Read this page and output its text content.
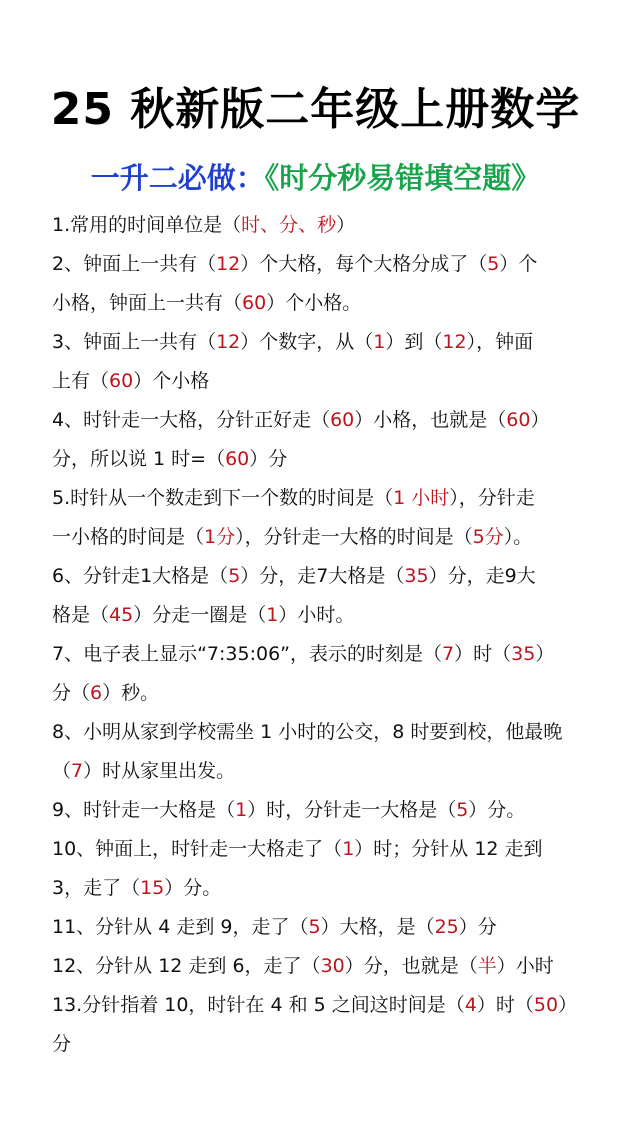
25 秋新版二年级上册数学
一升二必做：《时分秒易错填空题》
1.常用的时间单位是（时、分、秒）
2、钟面上一共有（12）个大格，每个大格分成了（5）个
小格，钟面上一共有（60）个小格。
3、钟面上一共有（12）个数字，从（1）到（12），钟面
上有（60）个小格
4、时针走一大格，分针正好走（60）小格，也就是（60）
分，所以说 1 时=（60）分
5.时针从一个数走到下一个数的时间是（1 小时），分针走
一小格的时间是（1分），分针走一大格的时间是（5分）。
6、分针走1大格是（5）分，走7大格是（35）分，走9大
格是（45）分走一圈是（1）小时。
7、电子表上显示“7:35:06”，表示的时刻是（7）时（35）
分（6）秒。
8、小明从家到学校需坐 1 小时的公交，8 时要到校，他最晚
（7）时从家里出发。
9、时针走一大格是（1）时，分针走一大格是（5）分。
10、钟面上，时针走一大格走了（1）时；分针从 12 走到
3，走了（15）分。
11、分针从 4 走到 9，走了（5）大格，是（25）分
12、分针从 12 走到 6，走了（30）分，也就是（半）小时
13.分针指着 10，时针在 4 和 5 之间这时间是（4）时（50）
分
